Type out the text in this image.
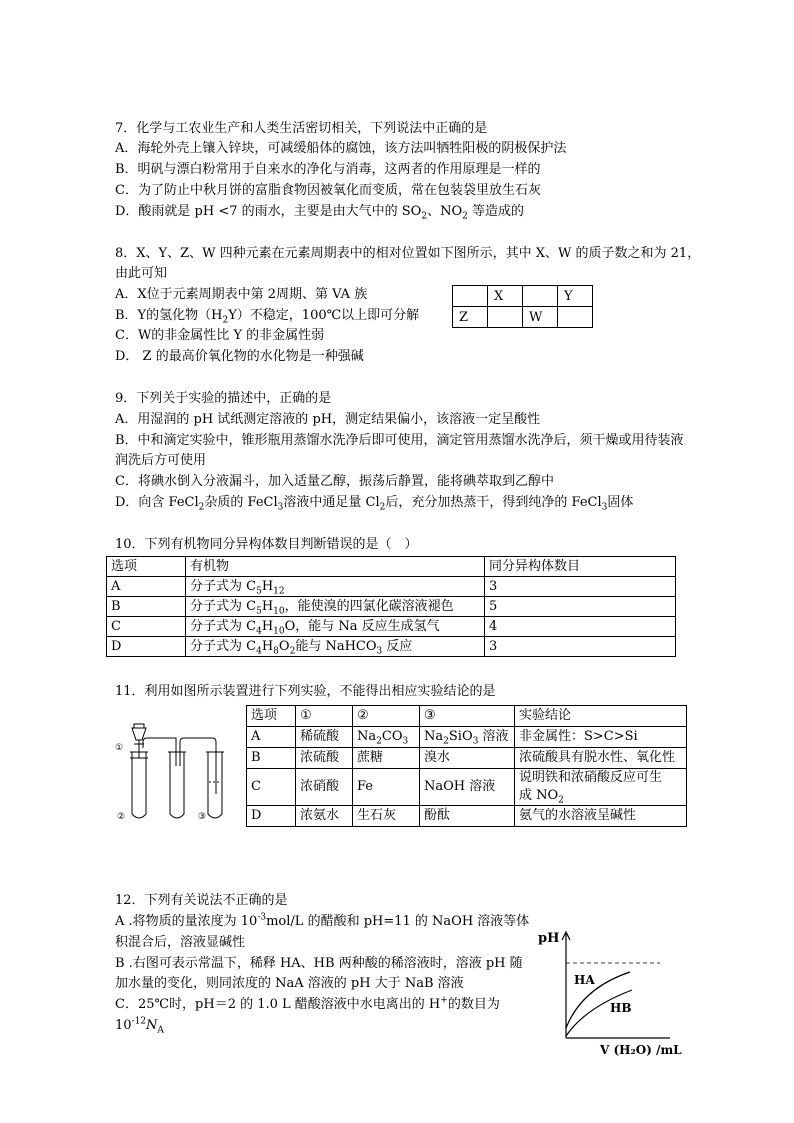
7．化学与工农业生产和人类生活密切相关，下列说法中正确的是
A．海轮外壳上镶入锌块，可减缓船体的腐蚀，该方法叫牺牲阳极的阴极保护法
B．明矾与漂白粉常用于自来水的净化与消毒，这两者的作用原理是一样的
C．为了防止中秋月饼的富脂食物因被氧化而变质，常在包装袋里放生石灰
D．酸雨就是 pH <7 的雨水，主要是由大气中的 $SO_2$、$NO_2$ 等造成的
8．X、Y、Z、W 四种元素在元素周期表中的相对位置如下图所示，其中 X、W 的质子数之和为 21，
由此可知
A．X位于元素周期表中第 2周期、第 VA 族
B．Y的氢化物$(H_2Y)$不稳定，100℃以上即可分解
C．W的非金属性比 Y 的非金属性弱
D． Z 的最高价氧化物的水化物是一种强碱
	X		Y
Z		W	
9．下列关于实验的描述中，正确的是
A．用湿润的 pH 试纸测定溶液的 pH，测定结果偏小，该溶液一定呈酸性
B．中和滴定实验中，锥形瓶用蒸馏水洗净后即可使用，滴定管用蒸馏水洗净后，须干燥或用待装液
润洗后方可使用
C．将碘水倒入分液漏斗，加入适量乙醇，振荡后静置，能将碘萃取到乙醇中
D．向含 FeCl$_2$杂质的 FeCl$_3$溶液中通足量 $Cl_2$后，充分加热蒸干，得到纯净的 FeCl$_3$固体
10．下列有机物同分异构体数目判断错误的是（　）
选项	有机物	同分异构体数目
A	分子式为 $C_5H_{12}$	3
B	分子式为 $C_5H_{10}$，能使溴的四氯化碳溶液褪色	5
C	分子式为 $C_4H_{10}O$，能与 Na 反应生成氢气	4
D	分子式为 $C_4H_8O_2$能与 NaHCO$_3$ 反应	3
11．利用如图所示装置进行下列实验，不能得出相应实验结论的是
①
②	③
选项	①	②	③	实验结论
A	稀硫酸	$Na_2CO_3$	$Na_2SiO_3$ 溶液	非金属性：S>C>Si
B	浓硫酸	蔗糖	溴水	浓硫酸具有脱水性、氧化性
C	浓硝酸	Fe	NaOH 溶液	说明铁和浓硝酸反应可生
成 $NO_2$

D	浓氨水	生石灰	酚酞	氨气的水溶液呈碱性
12．下列有关说法不正确的是
A .将物质的量浓度为 $10^{-3}mol/L$ 的醋酸和 pH=11 的 NaOH 溶液等体
积混合后，溶液显碱性
B .右图可表示常温下，稀释 HA、HB 两种酸的稀溶液时，溶液 pH 随
加水量的变化，则同浓度的 NaA 溶液的 pH 大于 NaB 溶液
C．25℃时，pH＝2 的 1.0 L 醋酸溶液中水电离出的 H+的数目为
$10^{-12}N_A$
pH
HA
HB
V (H₂O) /mL
